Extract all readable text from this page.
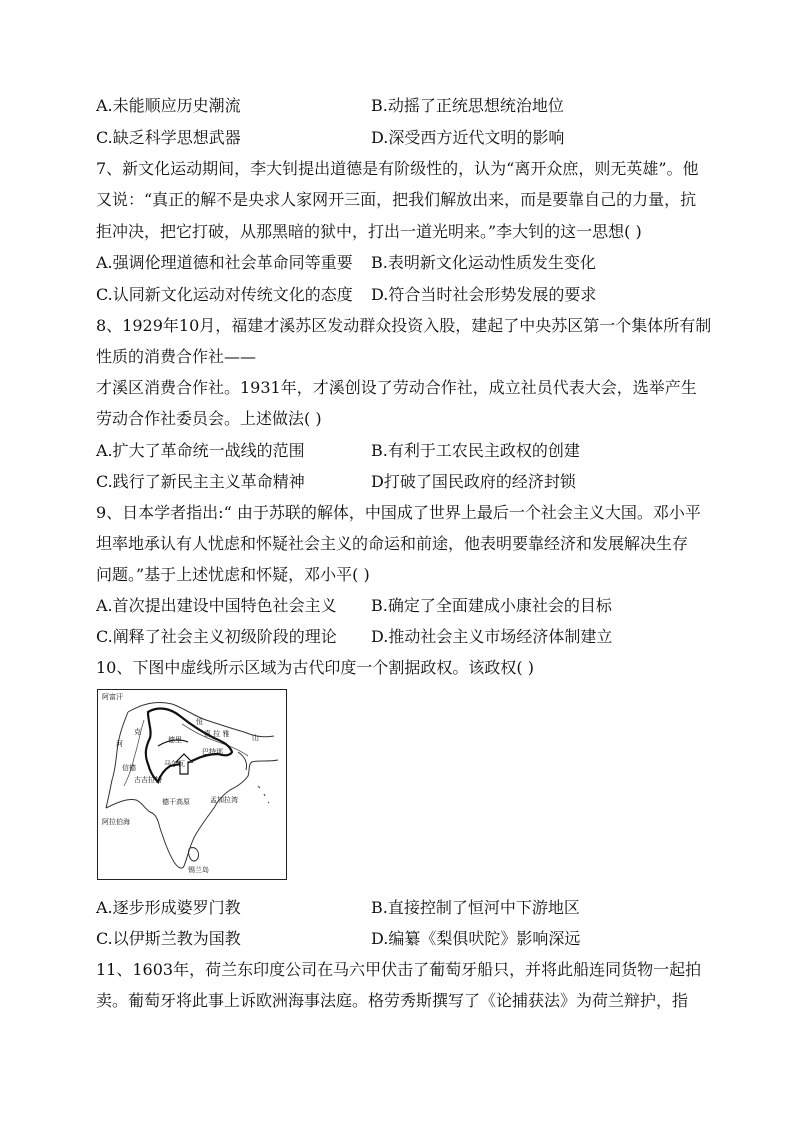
A.未能顺应历史潮流	B.动摇了正统思想统治地位
C.缺乏科学思想武器	D.深受西方近代文明的影响
7、新文化运动期间，李大钊提出道德是有阶级性的，认为“离开众庶，则无英雄”。他
又说：“真正的解不是央求人家网开三面，把我们解放出来，而是要靠自己的力量，抗
拒冲决，把它打破，从那黑暗的狱中，打出一道光明来。”李大钊的这一思想( )
A.强调伦理道德和社会革命同等重要 B.表明新文化运动性质发生变化
C.认同新文化运动对传统文化的态度 D.符合当时社会形势发展的要求
8、1929年10月，福建才溪苏区发动群众投资入股，建起了中央苏区第一个集体所有制
性质的消费合作社——
才溪区消费合作社。1931年，才溪创设了劳动合作社，成立社员代表大会，选举产生
劳动合作社委员会。上述做法( )
A.扩大了革命统一战线的范围	B.有利于工农民主政权的创建
C.践行了新民主主义革命精神	D打破了国民政府的经济封锁
9、日本学者指出:“ 由于苏联的解体，中国成了世界上最后一个社会主义大国。邓小平
坦率地承认有人忧虑和怀疑社会主义的命运和前途，他表明要靠经济和发展解决生存
问题。”基于上述忧虑和怀疑，邓小平( )
A.首次提出建设中国特色社会主义 B.确定了全面建成小康社会的目标
C.阐释了社会主义初级阶段的理论 D.推动社会主义市场经济体制建立
10、下图中虚线所示区域为古代印度一个割据政权。该政权( )
阿富汗
河
克
德里
恒
喜 拉 雅	山
巴特那
信德
古吉拉特
马尔瓦
德干高原	孟加拉湾
阿拉伯海
锡兰岛
A.逐步形成婆罗门教	B.直接控制了恒河中下游地区
C.以伊斯兰教为国教	D.编纂《梨俱吠陀》影响深远
11、1603年，荷兰东印度公司在马六甲伏击了葡萄牙船只，并将此船连同货物一起拍
卖。葡萄牙将此事上诉欧洲海事法庭。格劳秀斯撰写了《论捕获法》为荷兰辩护，指
